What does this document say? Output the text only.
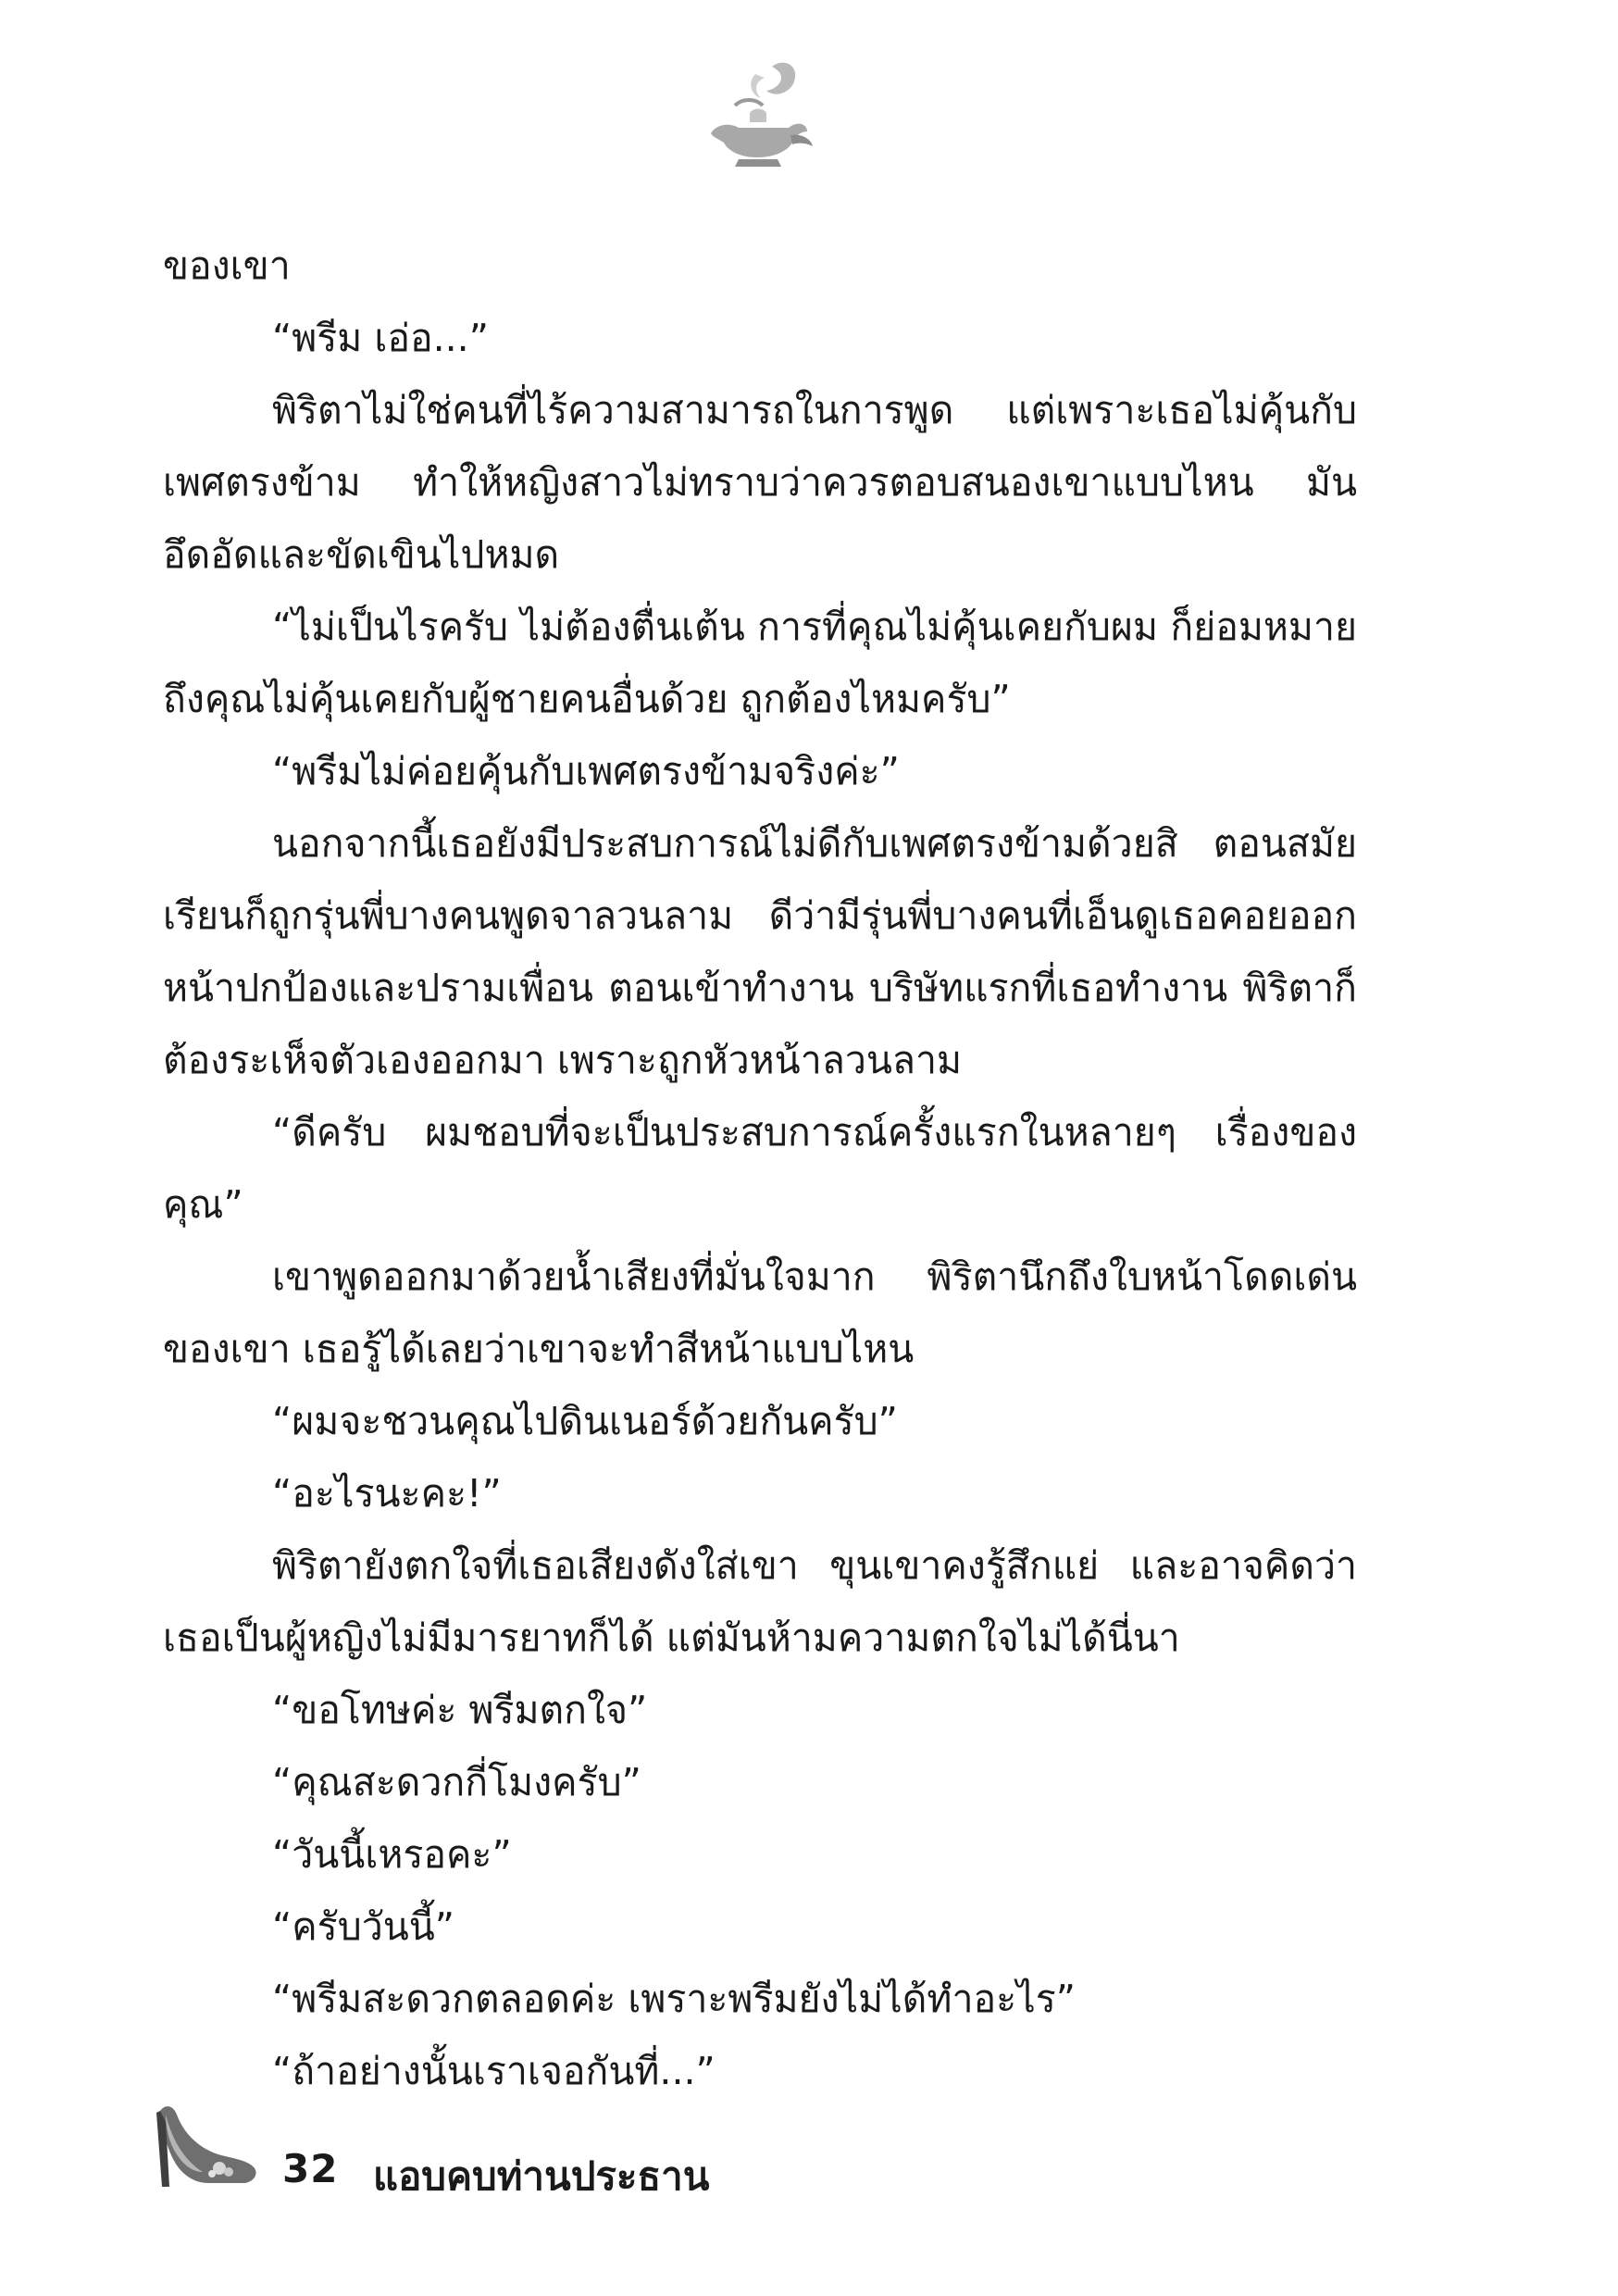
ของเขา

“พรีม เอ่อ...”

พิริตาไม่ใช่คนที่ไร้ความสามารถในการพูด แต่เพราะเธอไม่คุ้นกับเพศตรงข้าม ทำให้หญิงสาวไม่ทราบว่าควรตอบสนองเขาแบบไหน มันอึดอัดและขัดเขินไปหมด

“ไม่เป็นไรครับ ไม่ต้องตื่นเต้น การที่คุณไม่คุ้นเคยกับผม ก็ย่อมหมายถึงคุณไม่คุ้นเคยกับผู้ชายคนอื่นด้วย ถูกต้องไหมครับ”

“พรีมไม่ค่อยคุ้นกับเพศตรงข้ามจริงค่ะ”

นอกจากนี้เธอยังมีประสบการณ์ไม่ดีกับเพศตรงข้ามด้วยสิ ตอนสมัยเรียนก็ถูกรุ่นพี่บางคนพูดจาลวนลาม ดีว่ามีรุ่นพี่บางคนที่เอ็นดูเธอคอยออกหน้าปกป้องและปรามเพื่อน ตอนเข้าทำงาน บริษัทแรกที่เธอทำงาน พิริตาก็ต้องระเห็จตัวเองออกมา เพราะถูกหัวหน้าลวนลาม

“ดีครับ ผมชอบที่จะเป็นประสบการณ์ครั้งแรกในหลายๆ เรื่องของคุณ”

เขาพูดออกมาด้วยน้ำเสียงที่มั่นใจมาก พิริตานึกถึงใบหน้าโดดเด่นของเขา เธอรู้ได้เลยว่าเขาจะทำสีหน้าแบบไหน

“ผมจะชวนคุณไปดินเนอร์ด้วยกันครับ”

“อะไรนะคะ!”

พิริตายังตกใจที่เธอเสียงดังใส่เขา ขุนเขาคงรู้สึกแย่ และอาจคิดว่าเธอเป็นผู้หญิงไม่มีมารยาทก็ได้ แต่มันห้ามความตกใจไม่ได้นี่นา

“ขอโทษค่ะ พรีมตกใจ”

“คุณสะดวกกี่โมงครับ”

“วันนี้เหรอคะ”

“ครับวันนี้”

“พรีมสะดวกตลอดค่ะ เพราะพรีมยังไม่ได้ทำอะไร”

“ถ้าอย่างนั้นเราเจอกันที่...”

32 แอบคบท่านประธาน
